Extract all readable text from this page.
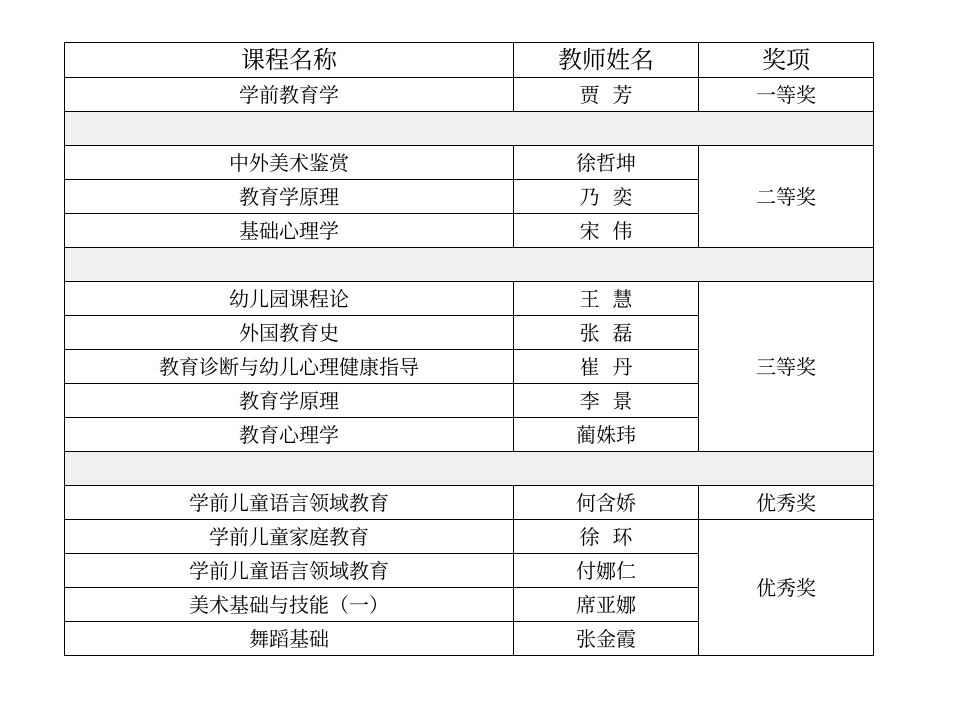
课程名称	教师姓名	奖项
学前教育学	贾  芳	一等奖

中外美术鉴赏	徐哲坤	二等奖
教育学原理	乃  奕	
基础心理学	宋  伟	

幼儿园课程论	王  慧	三等奖
外国教育史	张  磊	
教育诊断与幼儿心理健康指导	崔  丹	
教育学原理	李  景	
教育心理学	蔺姝玮	

学前儿童语言领域教育	何含娇	优秀奖
学前儿童家庭教育	徐  环	优秀奖
学前儿童语言领域教育	付娜仁	
美术基础与技能（一）	席亚娜	
舞蹈基础	张金霞	
